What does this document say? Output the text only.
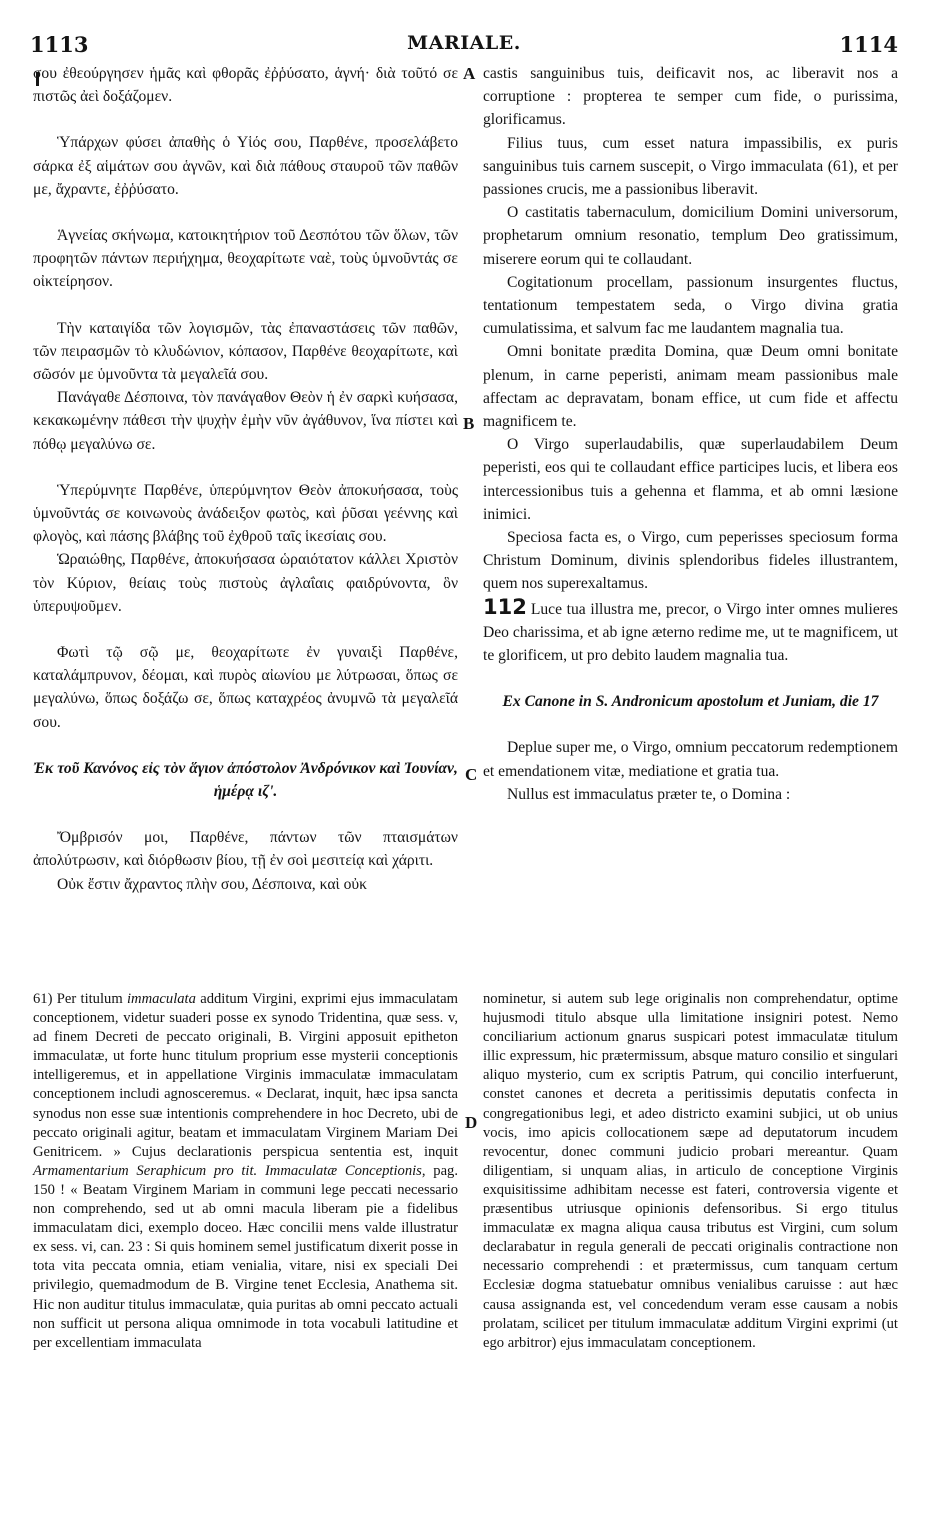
1113	MARIALE.	1114

σου ἐθεούργησεν ἡμᾶς καὶ φθορᾶς ἐῤῥύσατο, ἁγνή· διὰ τοῦτό σε πιστῶς ἀεὶ δοξάζομεν.

Ὑπάρχων φύσει ἀπαθὴς ὁ Υἱός σου, Παρθένε, προσελάβετο σάρκα ἐξ αἱμάτων σου ἁγνῶν, καὶ διὰ πάθους σταυροῦ τῶν παθῶν με, ἄχραντε, ἐῤῥύσατο.

Ἁγνείας σκήνωμα, κατοικητήριον τοῦ Δεσπότου τῶν ὅλων, τῶν προφητῶν πάντων περιήχημα, θεοχαρίτωτε ναὲ, τοὺς ὑμνοῦντάς σε οἰκτείρησον.

Τὴν καταιγίδα τῶν λογισμῶν, τὰς ἐπαναστάσεις τῶν παθῶν, τῶν πειρασμῶν τὸ κλυδώνιον, κόπασον, Παρθένε θεοχαρίτωτε, καὶ σῶσόν με ὑμνοῦντα τὰ μεγαλεῖά σου.

Πανάγαθε Δέσποινα, τὸν πανάγαθον Θεὸν ἡ ἐν σαρκὶ κυήσασα, κεκακωμένην πάθεσι τὴν ψυχὴν ἐμὴν νῦν ἀγάθυνον, ἵνα πίστει καὶ πόθῳ μεγαλύνω σε.

Ὑπερύμνητε Παρθένε, ὑπερύμνητον Θεὸν ἀποκυήσασα, τοὺς ὑμνοῦντάς σε κοινωνοὺς ἀνάδειξον φωτὸς, καὶ ῥῦσαι γεέννης καὶ φλογὸς, καὶ πάσης βλάβης τοῦ ἐχθροῦ ταῖς ἱκεσίαις σου.

Ὡραιώθης, Παρθένε, ἀποκυήσασα ὡραιότατον κάλλει Χριστὸν τὸν Κύριον, θείαις τοὺς πιστοὺς ἀγλαΐαις φαιδρύνοντα, ὃν ὑπερυψοῦμεν.

Φωτὶ τῷ σῷ με, θεοχαρίτωτε ἐν γυναιξὶ Παρθένε, καταλάμπρυνον, δέομαι, καὶ πυρὸς αἰωνίου με λύτρωσαι, ὅπως σε μεγαλύνω, ὅπως δοξάζω σε, ὅπως καταχρέος ἀνυμνῶ τὰ μεγαλεῖά σου.

Ἐκ τοῦ Κανόνος εἰς τὸν ἅγιον ἀπόστολον Ἀνδρόνικον καὶ Ἰουνίαν, ἡμέρᾳ ιζ'.

Ὄμβρισόν μοι, Παρθένε, πάντων τῶν πταισμάτων ἀπολύτρωσιν, καὶ διόρθωσιν βίου, τῇ ἐν σοὶ μεσιτείᾳ καὶ χάριτι.

Οὐκ ἔστιν ἄχραντος πλὴν σου, Δέσποινα, καὶ οὐκ

castis sanguinibus tuis, deificavit nos, ac liberavit nos a corruptione : propterea te semper cum fide, o purissima, glorificamus.

Filius tuus, cum esset natura impassibilis, ex puris sanguinibus tuis carnem suscepit, o Virgo immaculata (61), et per passiones crucis, me a passionibus liberavit.

O castitatis tabernaculum, domicilium Domini universorum, prophetarum omnium resonatio, templum Deo gratissimum, miserere eorum qui te collaudant.

Cogitationum procellam, passionum insurgentes fluctus, tentationum tempestatem seda, o Virgo divina gratia cumulatissima, et salvum fac me laudantem magnalia tua.

Omni bonitate prædita Domina, quæ Deum omni bonitate plenum, in carne peperisti, animam meam passionibus male affectam ac depravatam, bonam effice, ut cum fide et affectu magnificem te.

O Virgo superlaudabilis, quæ superlaudabilem Deum peperisti, eos qui te collaudant effice participes lucis, et libera eos intercessionibus tuis a gehenna et flamma, et ab omni læsione inimici.

Speciosa facta es, o Virgo, cum peperisses speciosum forma Christum Dominum, divinis splendoribus fideles illustrantem, quem nos superexaltamus.

112 Luce tua illustra me, precor, o Virgo inter omnes mulieres Deo charissima, et ab igne æterno redime me, ut te magnificem, ut te glorificem, ut pro debito laudem magnalia tua.

Ex Canone in S. Andronicum apostolum et Juniam, die 17

Deplue super me, o Virgo, omnium peccatorum redemptionem et emendationem vitæ, mediatione et gratia tua.

Nullus est immaculatus præter te, o Domina :

A
B
C
D

61) Per titulum immaculata additum Virgini, exprimi ejus immaculatam conceptionem, videtur suaderi posse ex synodo Tridentina, quæ sess. v, ad finem Decreti de peccato originali, B. Virgini apposuit epitheton immaculatæ, ut forte hunc titulum proprium esse mysterii conceptionis intelligeremus, et in appellatione Virginis immaculatæ immaculatam conceptionem includi agnosceremus. « Declarat, inquit, hæc ipsa sancta synodus non esse suæ intentionis comprehendere in hoc Decreto, ubi de peccato originali agitur, beatam et immaculatam Virginem Mariam Dei Genitricem. » Cujus declarationis perspicua sententia est, inquit Armamentarium Seraphicum pro tit. Immaculatæ Conceptionis, pag. 150 ! « Beatam Virginem Mariam in communi lege peccati necessario non comprehendo, sed ut ab omni macula liberam pie a fidelibus immaculatam dici, exemplo doceo. Hæc concilii mens valde illustratur ex sess. vi, can. 23 : Si quis hominem semel justificatum dixerit posse in tota vita peccata omnia, etiam venialia, vitare, nisi ex speciali Dei privilegio, quemadmodum de B. Virgine tenet Ecclesia, Anathema sit. Hic non auditur titulus immaculatæ, quia puritas ab omni peccato actuali non sufficit ut persona aliqua omnimode in tota vocabuli latitudine et per excellentiam immaculata

nominetur, si autem sub lege originalis non comprehendatur, optime hujusmodi titulo absque ulla limitatione insigniri potest. Nemo conciliarium actionum gnarus suspicari potest immaculatæ titulum illic expressum, hic prætermissum, absque maturo consilio et singulari aliquo mysterio, cum ex scriptis Patrum, qui concilio interfuerunt, constet canones et decreta a peritissimis deputatis confecta in congregationibus legi, et adeo districto examini subjici, ut ob unius vocis, imo apicis collocationem sæpe ad deputatorum incudem revocentur, donec communi judicio probari mereantur. Quam diligentiam, si unquam alias, in articulo de conceptione Virginis exquisitissime adhibitam necesse est fateri, controversia vigente et præsentibus utriusque opinionis defensoribus. Si ergo titulus immaculatæ ex magna aliqua causa tributus est Virgini, cum solum declarabatur in regula generali de peccati originalis contractione non necessario comprehendi : et prætermissus, cum tanquam certum Ecclesiæ dogma statuebatur omnibus venialibus caruisse : aut hæc causa assignanda est, vel concedendum veram esse causam a nobis prolatam, scilicet per titulum immaculatæ additum Virgini exprimi (ut ego arbitror) ejus immaculatam conceptionem.
